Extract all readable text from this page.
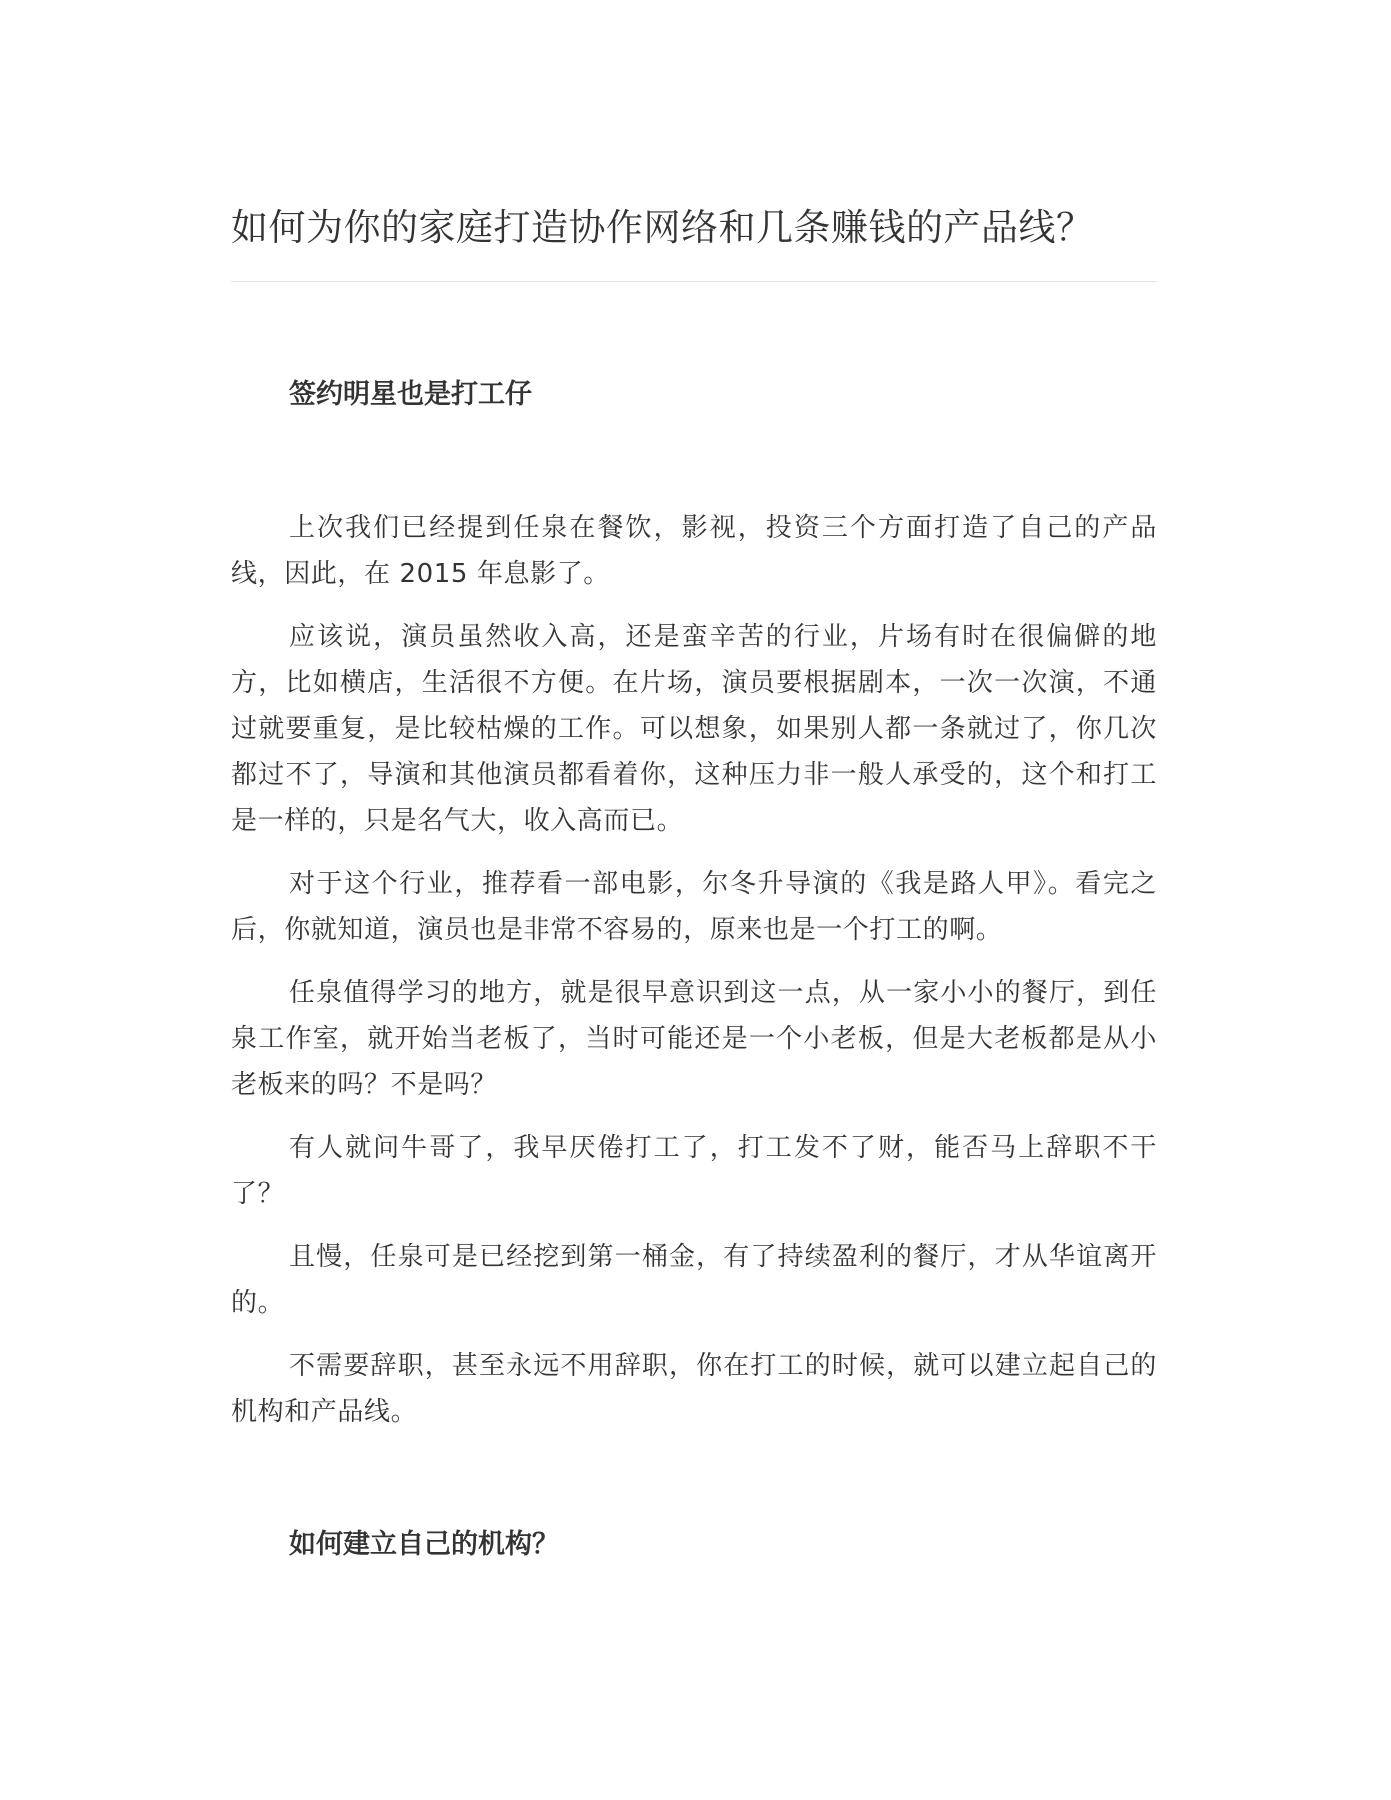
如何为你的家庭打造协作网络和几条赚钱的产品线？
签约明星也是打工仔

上次我们已经提到任泉在餐饮，影视，投资三个方面打造了自己的产品线，因此，在 2015 年息影了。

应该说，演员虽然收入高，还是蛮辛苦的行业，片场有时在很偏僻的地方，比如横店，生活很不方便。在片场，演员要根据剧本，一次一次演，不通过就要重复，是比较枯燥的工作。可以想象，如果别人都一条就过了，你几次都过不了，导演和其他演员都看着你，这种压力非一般人承受的，这个和打工是一样的，只是名气大，收入高而已。

对于这个行业，推荐看一部电影，尔冬升导演的《我是路人甲》。看完之后，你就知道，演员也是非常不容易的，原来也是一个打工的啊。

任泉值得学习的地方，就是很早意识到这一点，从一家小小的餐厅，到任泉工作室，就开始当老板了，当时可能还是一个小老板，但是大老板都是从小老板来的吗？不是吗？

有人就问牛哥了，我早厌倦打工了，打工发不了财，能否马上辞职不干了？

且慢，任泉可是已经挖到第一桶金，有了持续盈利的餐厅，才从华谊离开的。

不需要辞职，甚至永远不用辞职，你在打工的时候，就可以建立起自己的机构和产品线。

如何建立自己的机构？
